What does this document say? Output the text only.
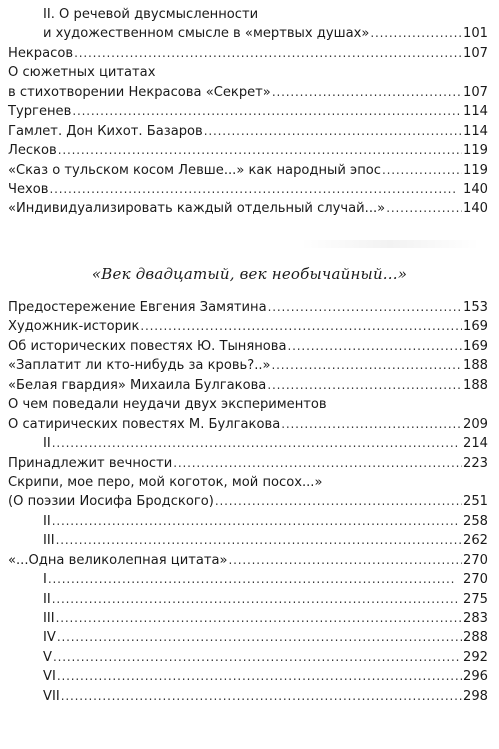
II. О речевой двусмысленности
и художественном смысле в «мертвых душах» . . .	101
Некрасов . . .	107
О сюжетных цитатах
в стихотворении Некрасова «Секрет» . . .	107
Тургенев . . .	114
Гамлет. Дон Кихот. Базаров . . .	114
Лесков . . .	119
«Сказ о тульском косом Левше...» как народный эпос . . .	119
Чехов . . .	140
«Индивидуализировать каждый отдельный случай...» . . .	140
«Век двадцатый, век необычайный...»
Предостережение Евгения Замятина . . .	153
Художник-историк . . .	169
Об исторических повестях Ю. Тынянова . . .	169
«Заплатит ли кто-нибудь за кровь?..» . . .	188
«Белая гвардия» Михаила Булгакова . . .	188
О чем поведали неудачи двух экспериментов
О сатирических повестях М. Булгакова . . .	209
II . . .	214
Принадлежит вечности . . .	223
Скрипи, мое перо, мой коготок, мой посох...»
(О поэзии Иосифа Бродского) . . .	251
II . . .	258
III . . .	262
«...Одна великолепная цитата» . . .	270
I . . .	270
II . . .	275
III . . .	283
IV . . .	288
V . . .	292
VI . . .	296
VII . . .	298
